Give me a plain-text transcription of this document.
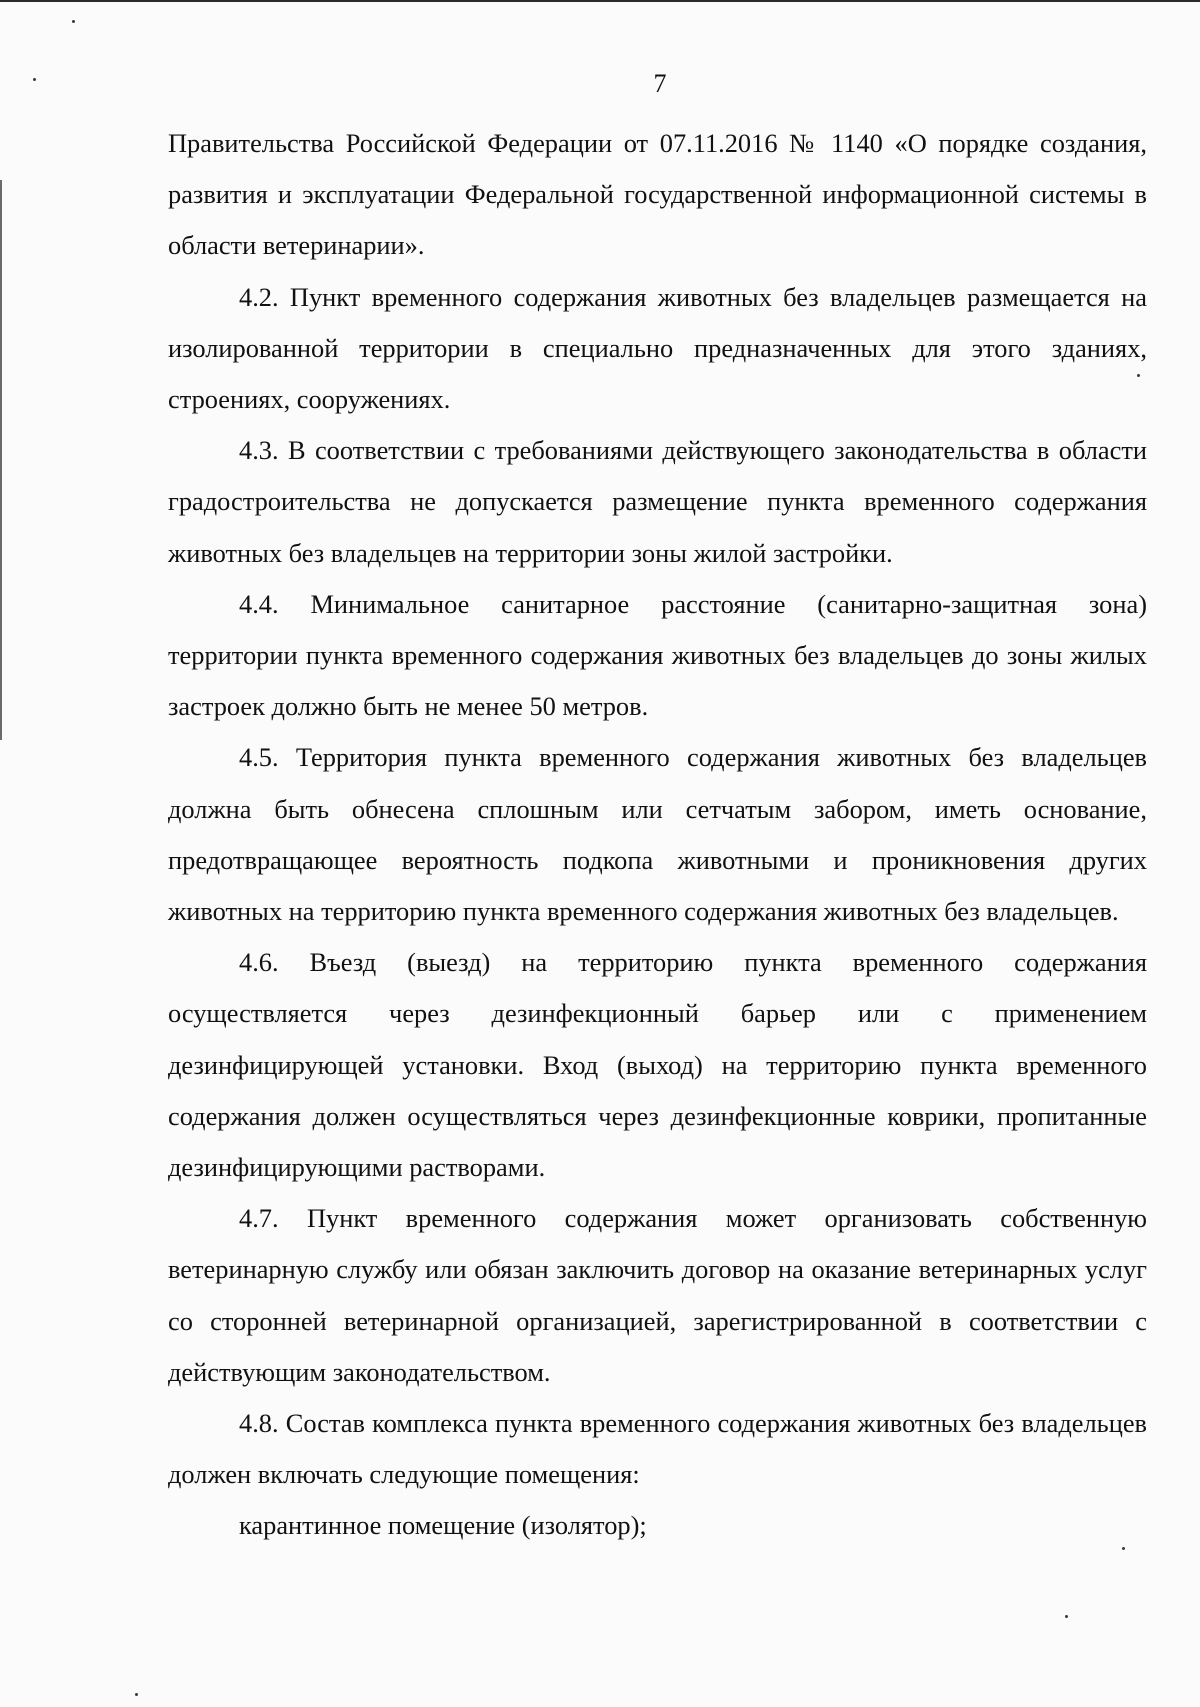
7

Правительства Российской Федерации от 07.11.2016 № 1140 «О порядке создания, развития и эксплуатации Федеральной государственной информационной системы в области ветеринарии».

4.2. Пункт временного содержания животных без владельцев размещается на изолированной территории в специально предназначенных для этого зданиях, строениях, сооружениях.

4.3. В соответствии с требованиями действующего законодательства в области градостроительства не допускается размещение пункта временного содержания животных без владельцев на территории зоны жилой застройки.

4.4. Минимальное санитарное расстояние (санитарно-защитная зона) территории пункта временного содержания животных без владельцев до зоны жилых застроек должно быть не менее 50 метров.

4.5. Территория пункта временного содержания животных без владельцев должна быть обнесена сплошным или сетчатым забором, иметь основание, предотвращающее вероятность подкопа животными и проникновения других животных на территорию пункта временного содержания животных без владельцев.

4.6. Въезд (выезд) на территорию пункта временного содержания осуществляется через дезинфекционный барьер или с применением дезинфицирующей установки. Вход (выход) на территорию пункта временного содержания должен осуществляться через дезинфекционные коврики, пропитанные дезинфицирующими растворами.

4.7. Пункт временного содержания может организовать собственную ветеринарную службу или обязан заключить договор на оказание ветеринарных услуг со сторонней ветеринарной организацией, зарегистрированной в соответствии с действующим законодательством.

4.8. Состав комплекса пункта временного содержания животных без владельцев должен включать следующие помещения:

карантинное помещение (изолятор);
